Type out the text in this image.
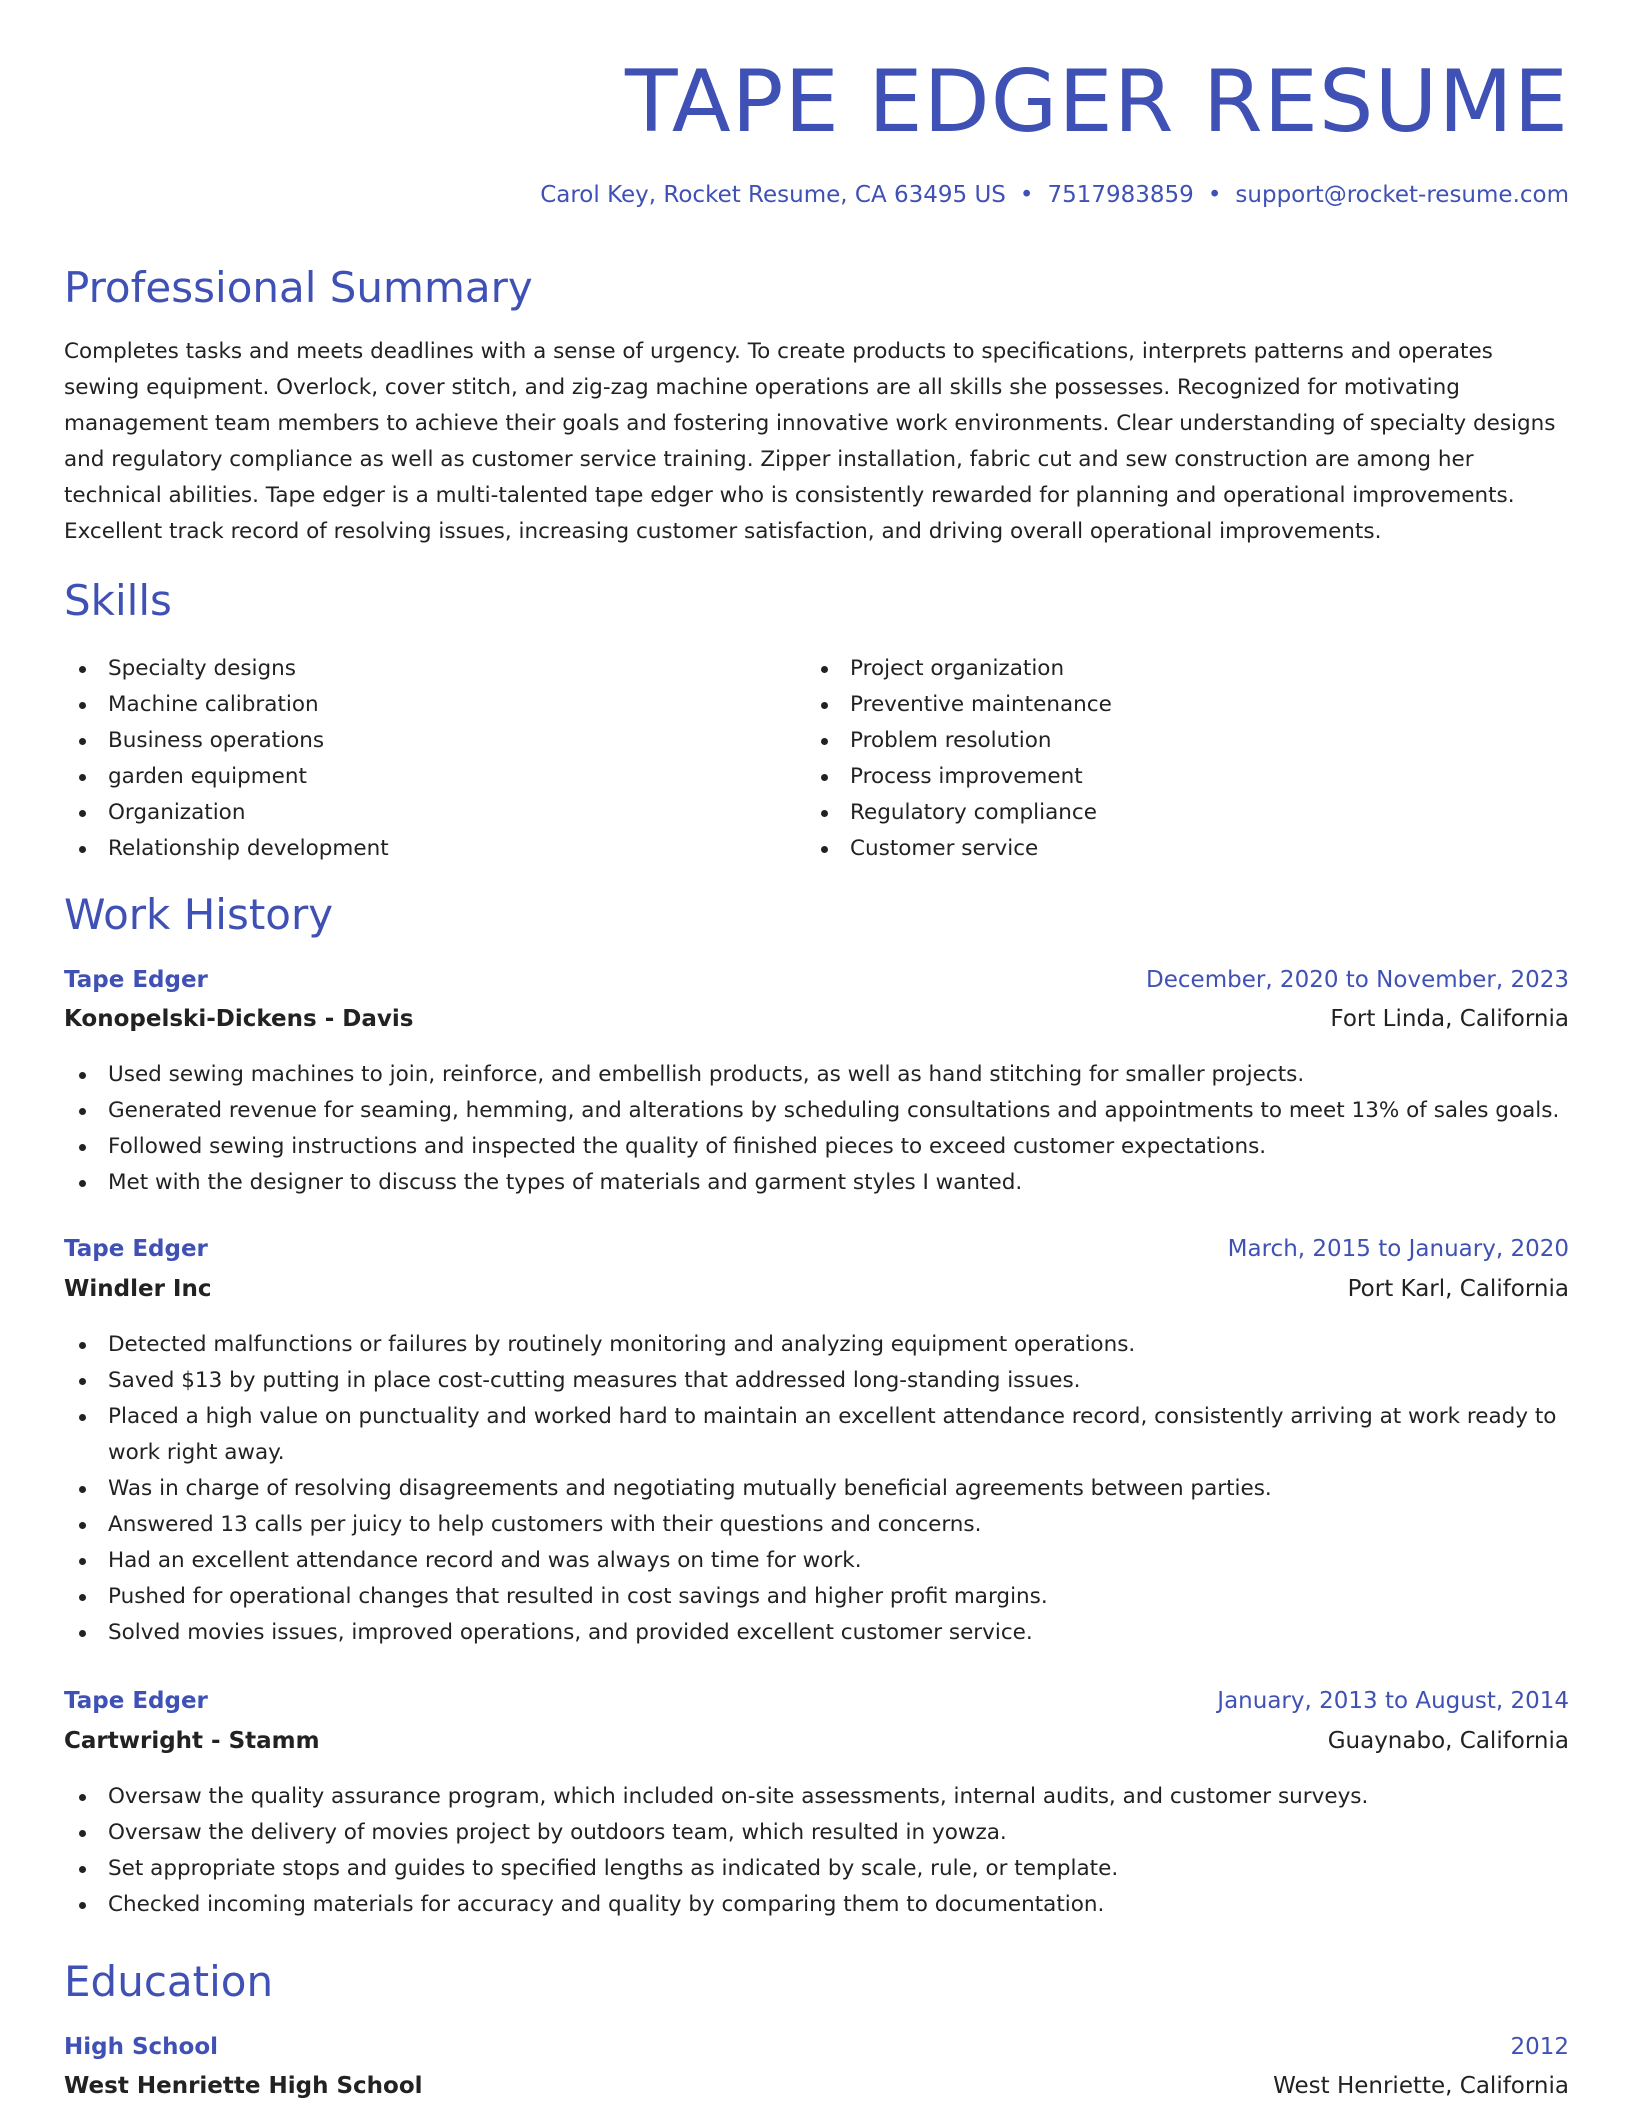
TAPE EDGER RESUME
Carol Key, Rocket Resume, CA 63495 US • 7517983859 • support@rocket-resume.com
Professional Summary

Completes tasks and meets deadlines with a sense of urgency. To create products to specifications, interprets patterns and operates sewing equipment. Overlock, cover stitch, and zig-zag machine operations are all skills she possesses. Recognized for motivating management team members to achieve their goals and fostering innovative work environments. Clear understanding of specialty designs and regulatory compliance as well as customer service training. Zipper installation, fabric cut and sew construction are among her technical abilities. Tape edger is a multi-talented tape edger who is consistently rewarded for planning and operational improvements. Excellent track record of resolving issues, increasing customer satisfaction, and driving overall operational improvements.

Skills
Specialty designs
Machine calibration
Business operations
garden equipment
Organization
Relationship development
Project organization
Preventive maintenance
Problem resolution
Process improvement
Regulatory compliance
Customer service
Work History
Tape Edger	December, 2020 to November, 2023
Konopelski-Dickens - Davis	Fort Linda, California
Used sewing machines to join, reinforce, and embellish products, as well as hand stitching for smaller projects.
Generated revenue for seaming, hemming, and alterations by scheduling consultations and appointments to meet 13% of sales goals.
Followed sewing instructions and inspected the quality of finished pieces to exceed customer expectations.
Met with the designer to discuss the types of materials and garment styles I wanted.
Tape Edger	March, 2015 to January, 2020
Windler Inc	Port Karl, California
Detected malfunctions or failures by routinely monitoring and analyzing equipment operations.
Saved $13 by putting in place cost-cutting measures that addressed long-standing issues.
Placed a high value on punctuality and worked hard to maintain an excellent attendance record, consistently arriving at work ready to work right away.
Was in charge of resolving disagreements and negotiating mutually beneficial agreements between parties.
Answered 13 calls per juicy to help customers with their questions and concerns.
Had an excellent attendance record and was always on time for work.
Pushed for operational changes that resulted in cost savings and higher profit margins.
Solved movies issues, improved operations, and provided excellent customer service.
Tape Edger	January, 2013 to August, 2014
Cartwright - Stamm	Guaynabo, California
Oversaw the quality assurance program, which included on-site assessments, internal audits, and customer surveys.
Oversaw the delivery of movies project by outdoors team, which resulted in yowza.
Set appropriate stops and guides to specified lengths as indicated by scale, rule, or template.
Checked incoming materials for accuracy and quality by comparing them to documentation.
Education
High School	2012
West Henriette High School	West Henriette, California
